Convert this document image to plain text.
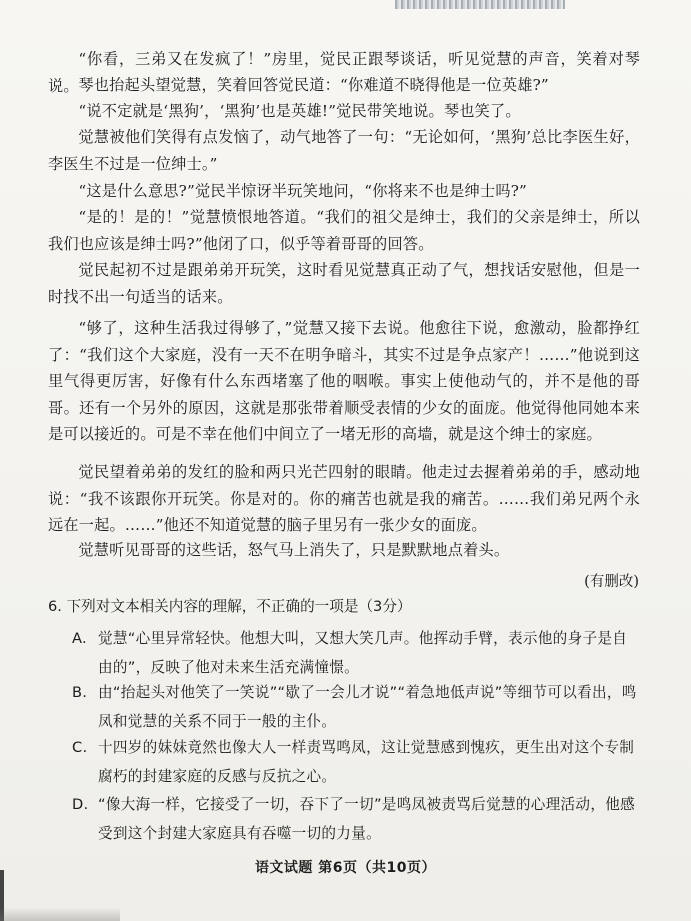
“你看，三弟又在发疯了！”房里，觉民正跟琴谈话，听见觉慧的声音，笑着对琴说。 琴也抬起头望觉慧，笑着回答觉民道：“你难道不晓得他是一位英雄?”

“说不定就是‘黑狗’，‘黑狗’也是英雄!”觉民带笑地说。琴也笑了。

觉慧被他们笑得有点发恼了，动气地答了一句：“无论如何，‘黑狗’总比李医生好，李医生不过是一位绅士。”

“这是什么意思?”觉民半惊讶半玩笑地问，“你将来不也是绅士吗?”

“是的！是的！”觉慧愤恨地答道。“我们的祖父是绅士，我们的父亲是绅士，所以我们也应该是绅士吗?”他闭了口，似乎等着哥哥的回答。

觉民起初不过是跟弟弟开玩笑，这时看见觉慧真正动了气，想找话安慰他，但是一时找不出一句适当的话来。

“够了，这种生活我过得够了，”觉慧又接下去说。他愈往下说，愈激动，脸都挣红了：“我们这个大家庭，没有一天不在明争暗斗，其实不过是争点家产！……”他说到这里气得更厉害，好像有什么东西堵塞了他的咽喉。事实上使他动气的，并不是他的哥哥。还有一个另外的原因，这就是那张带着顺受表情的少女的面庞。他觉得他同她本来是可以接近的。可是不幸在他们中间立了一堵无形的高墙，就是这个绅士的家庭。

觉民望着弟弟的发红的脸和两只光芒四射的眼睛。他走过去握着弟弟的手，感动地说：“我不该跟你开玩笑。你是对的。你的痛苦也就是我的痛苦。……我们弟兄两个永远在一起。……”他还不知道觉慧的脑子里另有一张少女的面庞。

觉慧听见哥哥的这些话，怒气马上消失了，只是默默地点着头。

(有删改)
6. 下列对文本相关内容的理解，不正确的一项是（3分）
A. 觉慧“心里异常轻快。他想大叫，又想大笑几声。他挥动手臂，表示他的身子是自由的”，反映了他对未来生活充满憧憬。
B. 由“抬起头对他笑了一笑说”“歇了一会儿才说”“着急地低声说”等细节可以看出，鸣凤和觉慧的关系不同于一般的主仆。
C. 十四岁的妹妹竟然也像大人一样责骂鸣凤，这让觉慧感到愧疚，更生出对这个专制腐朽的封建家庭的反感与反抗之心。
D. “像大海一样，它接受了一切，吞下了一切”是鸣凤被责骂后觉慧的心理活动，他感受到这个封建大家庭具有吞噬一切的力量。
语文试题 第6页（共10页）
